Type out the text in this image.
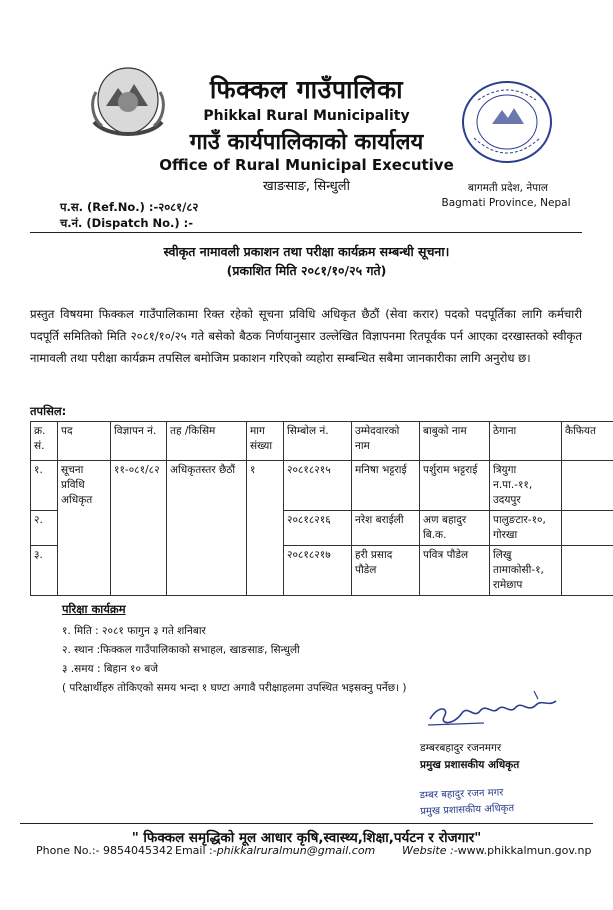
फिक्कल गाउँपालिका
Phikkal Rural Municipality
गाउँ कार्यपालिकाको कार्यालय
Office of Rural Municipal Executive
खाङसाङ, सिन्धुली	बागमती प्रदेश, नेपाल
Bagmati Province, Nepal
प.स. (Ref.No.) :-२०८१/८२
च.नं. (Dispatch No.) :-
स्वीकृत नामावली प्रकाशन तथा परीक्षा कार्यक्रम सम्बन्धी सूचना।
(प्रकाशित मिति २०८१/१०/२५ गते)
प्रस्तुत विषयमा फिक्कल गाउँपालिकामा रिक्त रहेको सूचना प्रविधि अधिकृत छैठौं (सेवा करार) पदको पदपूर्तिका लागि कर्मचारी पदपूर्ति समितिको मिति २०८१/१०/२५ गते बसेको बैठक निर्णयानुसार उल्लेखित विज्ञापनमा रितपूर्वक पर्न आएका दरखास्तको स्वीकृत नामावली तथा परीक्षा कार्यक्रम तपसिल बमोजिम प्रकाशन गरिएको व्यहोरा सम्बन्धित सबैमा जानकारीका लागि अनुरोध छ।
तपसिल:
क्र. सं.	पद	विज्ञापन नं.	तह /किसिम	माग संख्या	सिम्बोल नं.	उम्मेदवारको नाम	बाबुको नाम	ठेगाना	कैफियत
१.	सूचना प्रविधि अधिकृत	११-०८१/८२	अधिकृतस्तर छैठौं	१	२०८१८२१५	मनिषा भट्टराई	पर्शुराम भट्टराई	त्रियुगा न.पा.-११, उदयपुर	
२.					२०८१८२१६	नरेश बराईली	अण बहादुर बि.क.	पालुङटार-१०, गोरखा	
३.					२०८१८२१७	हरी प्रसाद पौडेल	पवित्र पौडेल	लिखु तामाकोसी-१, रामेछाप	
परिक्षा कार्यक्रम
१. मिति : २०८१ फागुन ३ गते शनिबार
२. स्थान :फिक्कल गाउँपालिकाको सभाहल, खाङसाङ, सिन्धुली
३ .समय : बिहान १० बजे
( परिक्षार्थीहरु तोकिएको समय भन्दा १ घण्टा अगावै परीक्षाहलमा उपस्थित भइसक्नु पर्नेछ। )
डम्बरबहादुर रजनमगर
प्रमुख प्रशासकीय अधिकृत
डम्बर बहादुर रजन मगर
प्रमुख प्रशासकीय अधिकृत
" फिक्कल समृद्धिको मूल आधार कृषि,स्वास्थ्य,शिक्षा,पर्यटन र रोजगार"
Phone No.:- 9854045342 Email :-phikkalruralmun@gmail.com Website :-www.phikkalmun.gov.np
